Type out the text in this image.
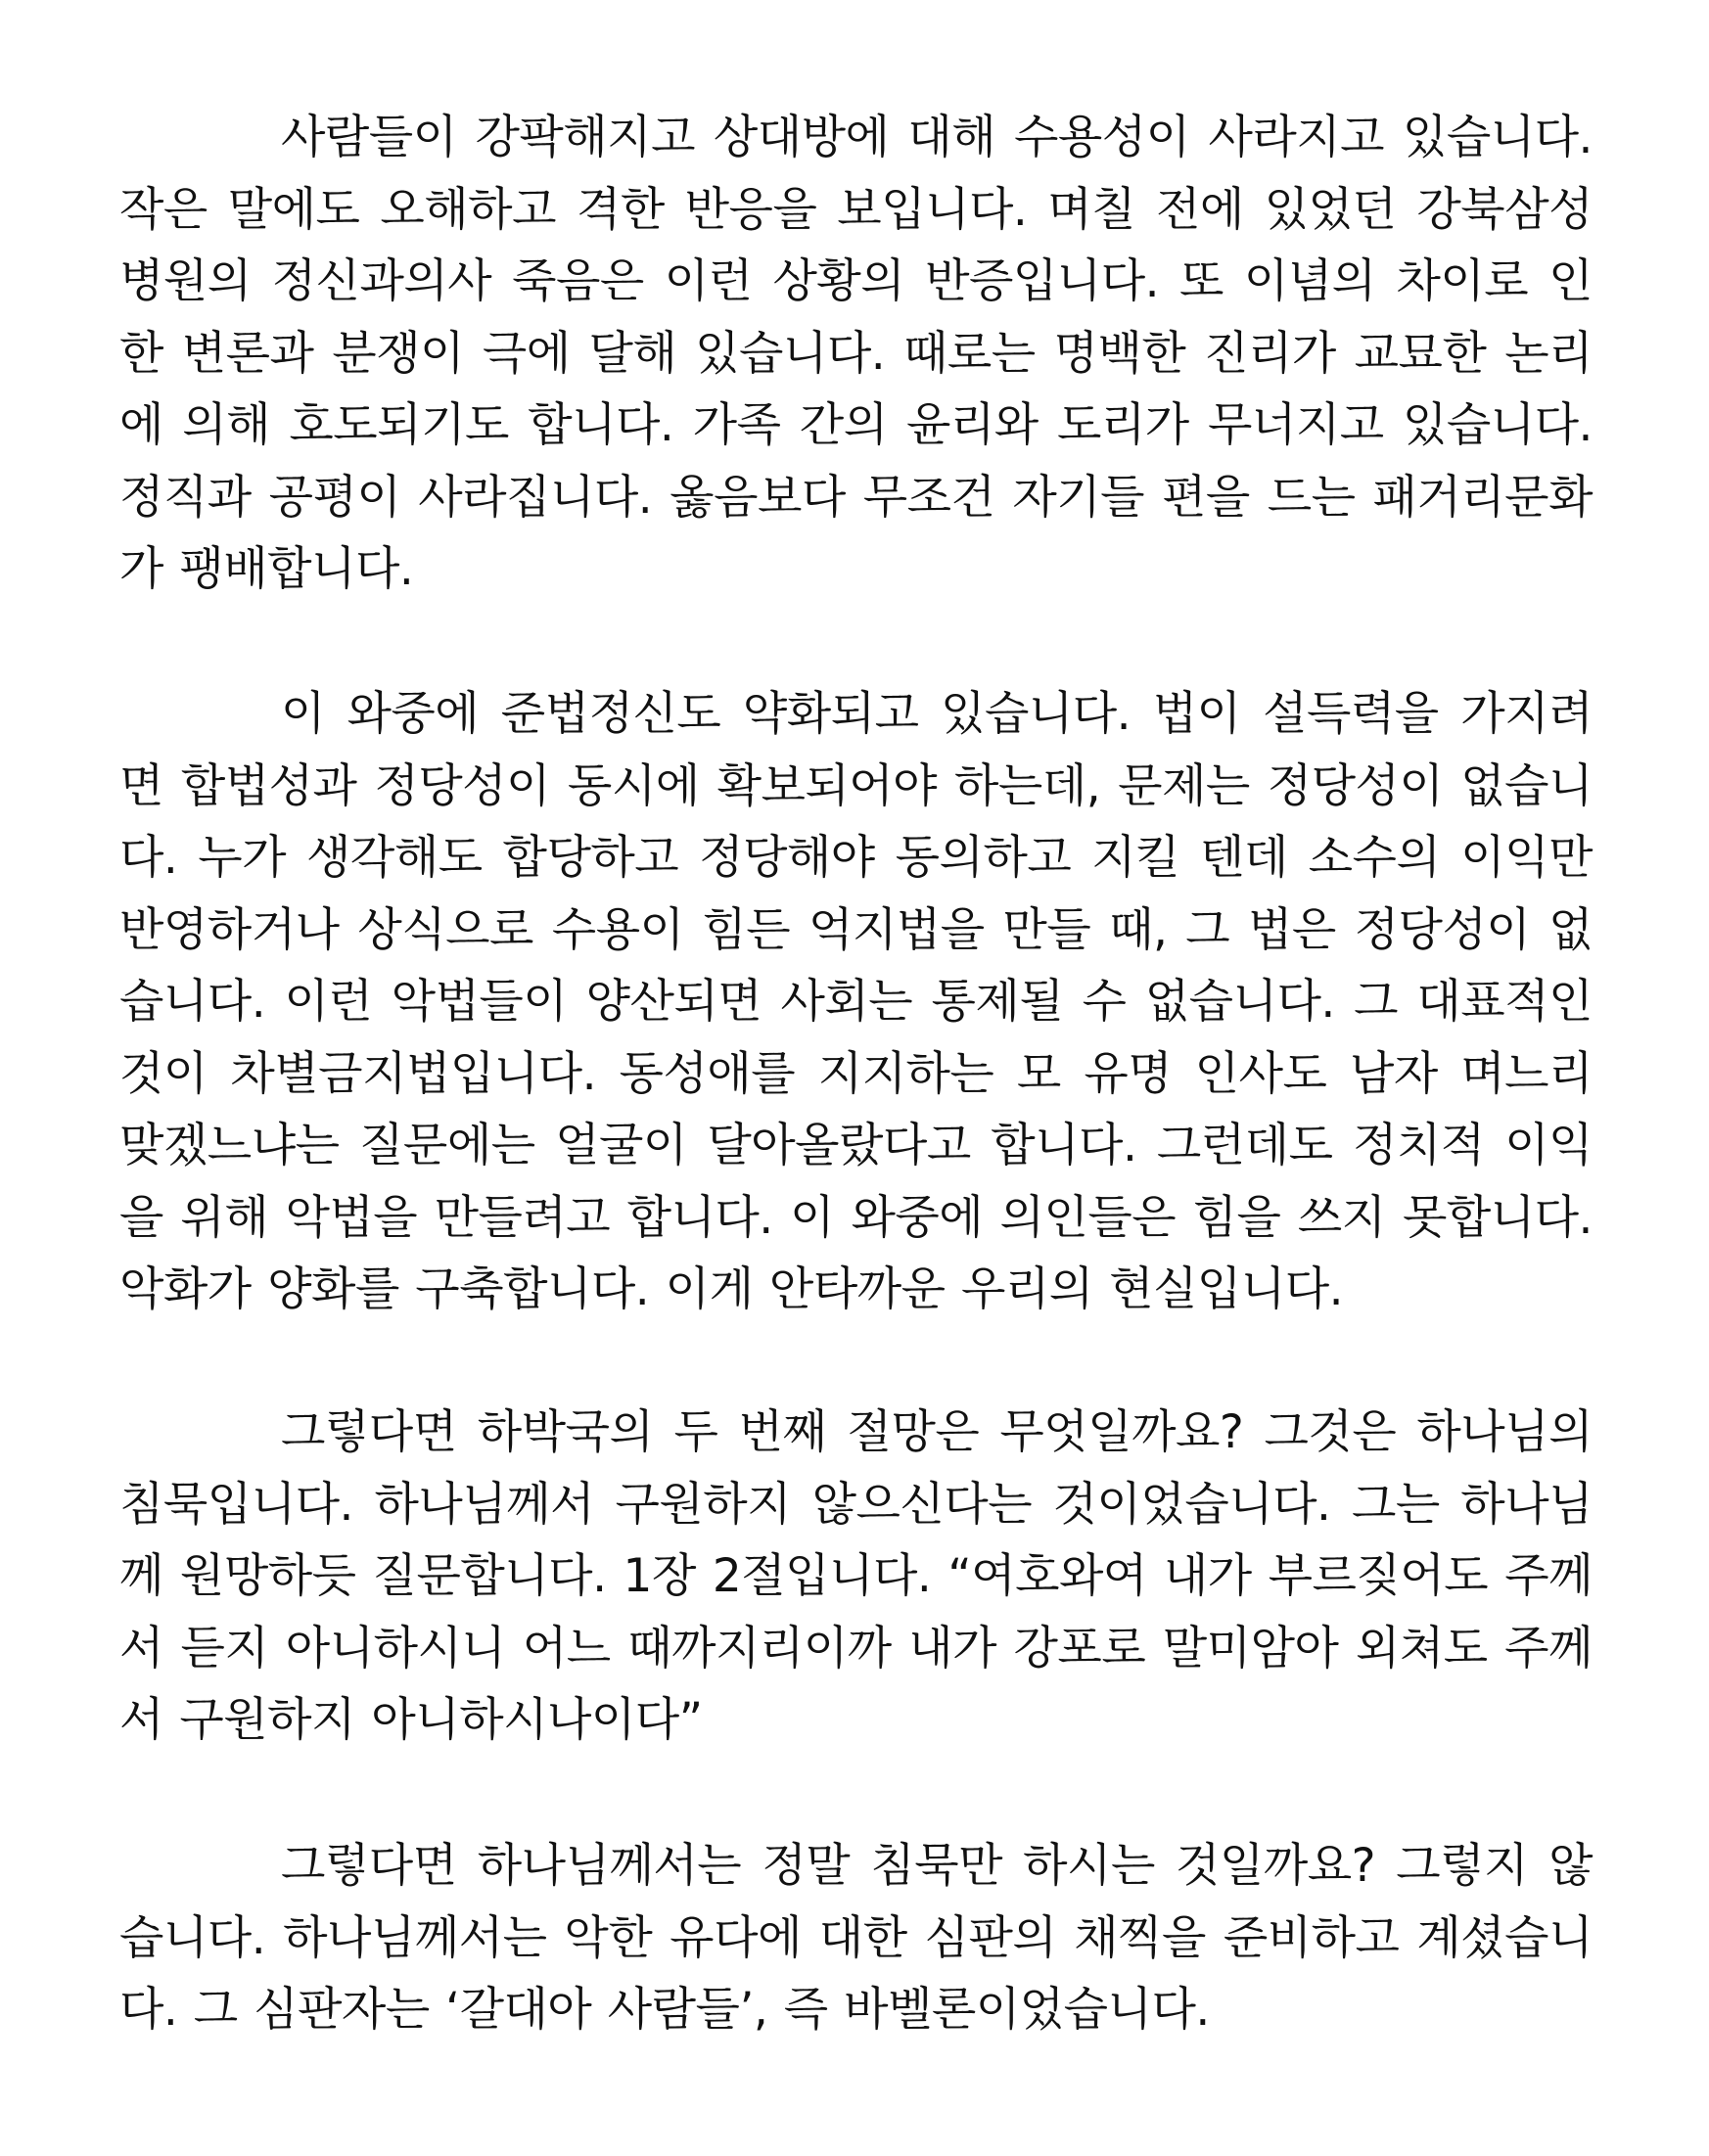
사람들이 강팍해지고 상대방에 대해 수용성이 사라지고 있습니다. 작은 말에도 오해하고 격한 반응을 보입니다. 며칠 전에 있었던 강북삼성병원의 정신과의사 죽음은 이런 상황의 반증입니다. 또 이념의 차이로 인한 변론과 분쟁이 극에 달해 있습니다. 때로는 명백한 진리가 교묘한 논리에 의해 호도되기도 합니다. 가족 간의 윤리와 도리가 무너지고 있습니다. 정직과 공평이 사라집니다. 옳음보다 무조건 자기들 편을 드는 패거리문화가 팽배합니다.

이 와중에 준법정신도 약화되고 있습니다. 법이 설득력을 가지려면 합법성과 정당성이 동시에 확보되어야 하는데, 문제는 정당성이 없습니다. 누가 생각해도 합당하고 정당해야 동의하고 지킬 텐데 소수의 이익만 반영하거나 상식으로 수용이 힘든 억지법을 만들 때, 그 법은 정당성이 없습니다. 이런 악법들이 양산되면 사회는 통제될 수 없습니다. 그 대표적인 것이 차별금지법입니다. 동성애를 지지하는 모 유명 인사도 남자 며느리 맞겠느냐는 질문에는 얼굴이 달아올랐다고 합니다. 그런데도 정치적 이익을 위해 악법을 만들려고 합니다. 이 와중에 의인들은 힘을 쓰지 못합니다. 악화가 양화를 구축합니다. 이게 안타까운 우리의 현실입니다.

그렇다면 하박국의 두 번째 절망은 무엇일까요? 그것은 하나님의 침묵입니다. 하나님께서 구원하지 않으신다는 것이었습니다. 그는 하나님께 원망하듯 질문합니다. 1장 2절입니다. “여호와여 내가 부르짖어도 주께서 듣지 아니하시니 어느 때까지리이까 내가 강포로 말미암아 외쳐도 주께서 구원하지 아니하시나이다”

그렇다면 하나님께서는 정말 침묵만 하시는 것일까요? 그렇지 않습니다. 하나님께서는 악한 유다에 대한 심판의 채찍을 준비하고 계셨습니다. 그 심판자는 ‘갈대아 사람들’, 즉 바벨론이었습니다.
